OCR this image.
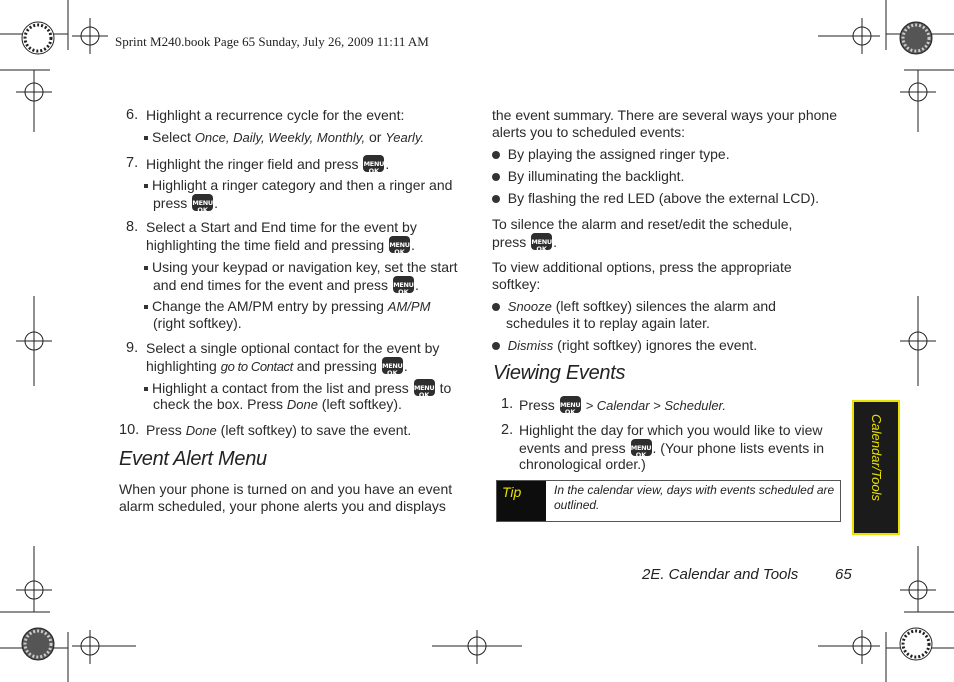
Sprint M240.book Page 65 Sunday, July 26, 2009 11:11 AM
6. Highlight a recurrence cycle for the event:
Select Once, Daily, Weekly, Monthly, or Yearly.
7. Highlight the ringer field and press MENU OK .
Highlight a ringer category and then a ringer and
press MENU OK .
8. Select a Start and End time for the event by
highlighting the time field and pressing MENU OK .
Using your keypad or navigation key, set the start
and end times for the event and press MENU OK .
Change the AM/PM entry by pressing AM/PM
(right softkey).
9. Select a single optional contact for the event by
highlighting go to Contact and pressing MENU OK .
Highlight a contact from the list and press MENU OK to
check the box. Press Done (left softkey).
10. Press Done (left softkey) to save the event.
Event Alert Menu
When your phone is turned on and you have an event
alarm scheduled, your phone alerts you and displays
the event summary. There are several ways your phone
alerts you to scheduled events:
By playing the assigned ringer type.
By illuminating the backlight.
By flashing the red LED (above the external LCD).
To silence the alarm and reset/edit the schedule,
press MENU OK .
To view additional options, press the appropriate
softkey:
Snooze (left softkey) silences the alarm and
schedules it to replay again later.
Dismiss (right softkey) ignores the event.
Viewing Events
1. Press MENU OK > Calendar > Scheduler.
2. Highlight the day for which you would like to view
events and press MENU OK . (Your phone lists events in
chronological order.)
Tip	In the calendar view, days with events scheduled are
outlined.
Calendar/Tools
2E. Calendar and Tools 65
